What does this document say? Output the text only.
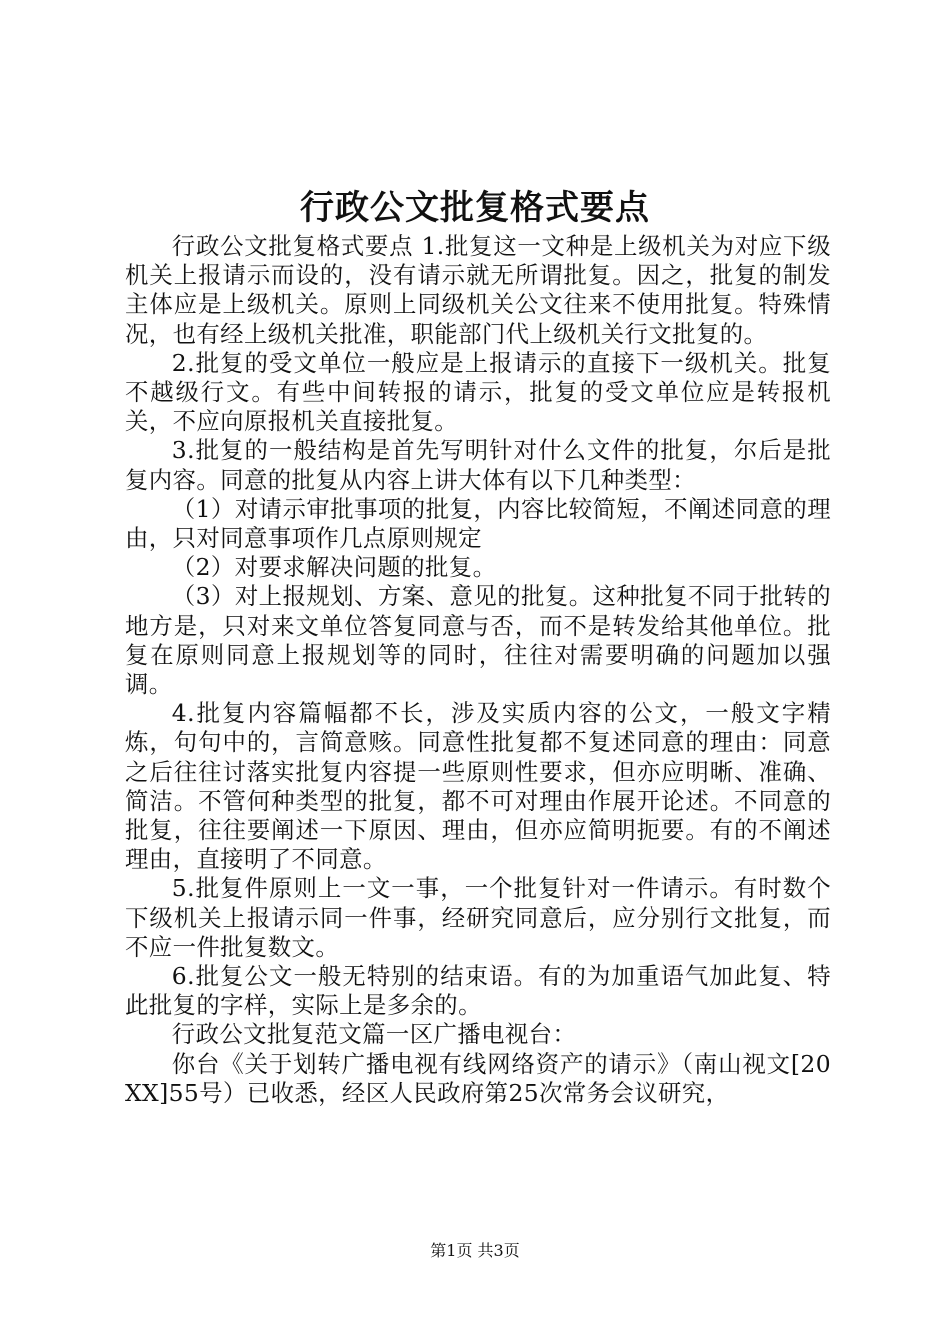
行政公文批复格式要点

行政公文批复格式要点 1.批复这一文种是上级机关为对应下级机关上报请示而设的，没有请示就无所谓批复。因之，批复的制发主体应是上级机关。原则上同级机关公文往来不使用批复。特殊情况，也有经上级机关批准，职能部门代上级机关行文批复的。

2.批复的受文单位一般应是上报请示的直接下一级机关。批复不越级行文。有些中间转报的请示，批复的受文单位应是转报机关，不应向原报机关直接批复。

3.批复的一般结构是首先写明针对什么文件的批复，尔后是批复内容。同意的批复从内容上讲大体有以下几种类型：

（1）对请示审批事项的批复，内容比较简短，不阐述同意的理由，只对同意事项作几点原则规定

（2）对要求解决问题的批复。

（3）对上报规划、方案、意见的批复。这种批复不同于批转的地方是，只对来文单位答复同意与否，而不是转发给其他单位。批复在原则同意上报规划等的同时，往往对需要明确的问题加以强调。

4.批复内容篇幅都不长，涉及实质内容的公文，一般文字精炼，句句中的，言简意赅。同意性批复都不复述同意的理由：同意之后往往讨落实批复内容提一些原则性要求，但亦应明晰、准确、简洁。不管何种类型的批复，都不可对理由作展开论述。不同意的批复，往往要阐述一下原因、理由，但亦应简明扼要。有的不阐述理由，直接明了不同意。

5.批复件原则上一文一事，一个批复针对一件请示。有时数个下级机关上报请示同一件事，经研究同意后，应分别行文批复，而不应一件批复数文。

6.批复公文一般无特别的结束语。有的为加重语气加此复、特此批复的字样，实际上是多余的。

行政公文批复范文篇一区广播电视台：

你台《关于划转广播电视有线网络资产的请示》（南山视文[20XX]55号）已收悉，经区人民政府第25次常务会议研究，

第1页 共3页
